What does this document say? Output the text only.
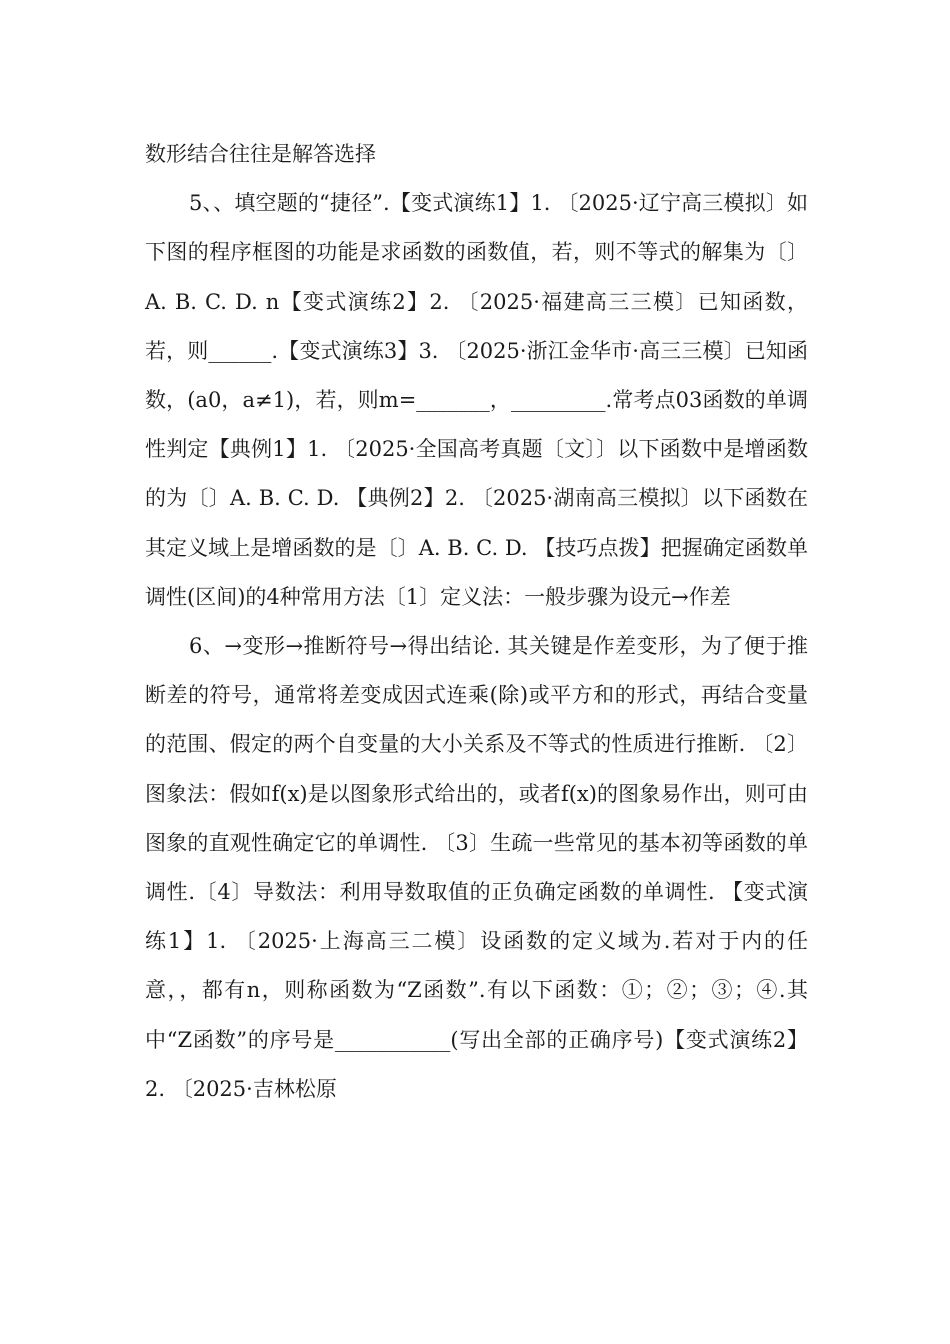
数形结合往往是解答选择

5、、填空题的“捷径”.【变式演练1】1. 〔2025·辽宁高三模拟〕如下图的程序框图的功能是求函数的函数值，若，则不等式的解集为〔〕A. B. C. D. n【变式演练2】2. 〔2025·福建高三三模〕已知函数，若，则______.【变式演练3】3. 〔2025·浙江金华市·高三三模〕已知函数，(a0，a≠1)，若，则m=_______，_________.常考点03函数的单调性判定【典例1】1. 〔2025·全国高考真题〔文〕〕以下函数中是增函数的为〔〕A. B. C. D. 【典例2】2. 〔2025·湖南高三模拟〕以下函数在其定义域上是增函数的是〔〕A. B. C. D. 【技巧点拨】把握确定函数单调性(区间)的4种常用方法〔1〕定义法：一般步骤为设元→作差

6、→变形→推断符号→得出结论. 其关键是作差变形，为了便于推断差的符号，通常将差变成因式连乘(除)或平方和的形式，再结合变量的范围、假定的两个自变量的大小关系及不等式的性质进行推断. 〔2〕图象法：假如f(x)是以图象形式给出的，或者f(x)的图象易作出，则可由图象的直观性确定它的单调性. 〔3〕生疏一些常见的基本初等函数的单调性.〔4〕导数法：利用导数取值的正负确定函数的单调性. 【变式演练1】1. 〔2025·上海高三二模〕设函数的定义域为.若对于内的任意，，都有n，则称函数为“Z函数”.有以下函数：①；②；③；④.其中“Z函数”的序号是___________(写出全部的正确序号)【变式演练2】2. 〔2025·吉林松原
